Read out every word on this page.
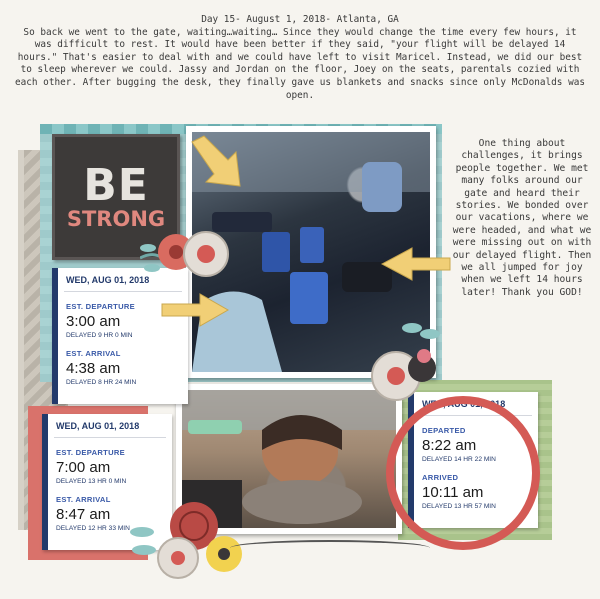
Day 15- August 1, 2018- Atlanta, GA
So back we went to the gate, waiting…waiting… Since they would change the time every few hours, it was difficult to rest. It would have been better if they said, "your flight will be delayed 14 hours." That's easier to deal with and we could have left to visit Maricel. Instead, we did our best to sleep wherever we could. Jassy and Jordan on the floor, Joey on the seats, parentals cozied with each other. After bugging the desk, they finally gave us blankets and snacks since only McDonalds was open.
One thing about challenges, it brings people together. We met many folks around our gate and heard their stories. We bonded over our vacations, where we were headed, and what we were missing out on with our delayed flight. Then we all jumped for joy when we left 14 hours later! Thank you GOD!
BE
STRONG
WED, AUG 01, 2018
EST. DEPARTURE
3:00 am
DELAYED 9 HR 0 MIN
EST. ARRIVAL
4:38 am
DELAYED 8 HR 24 MIN
WED, AUG 01, 2018
EST. DEPARTURE
7:00 am
DELAYED 13 HR 0 MIN
EST. ARRIVAL
8:47 am
DELAYED 12 HR 33 MIN
WED, AUG 01, 2018
DEPARTED
8:22 am
DELAYED 14 HR 22 MIN
ARRIVED
10:11 am
DELAYED 13 HR 57 MIN
